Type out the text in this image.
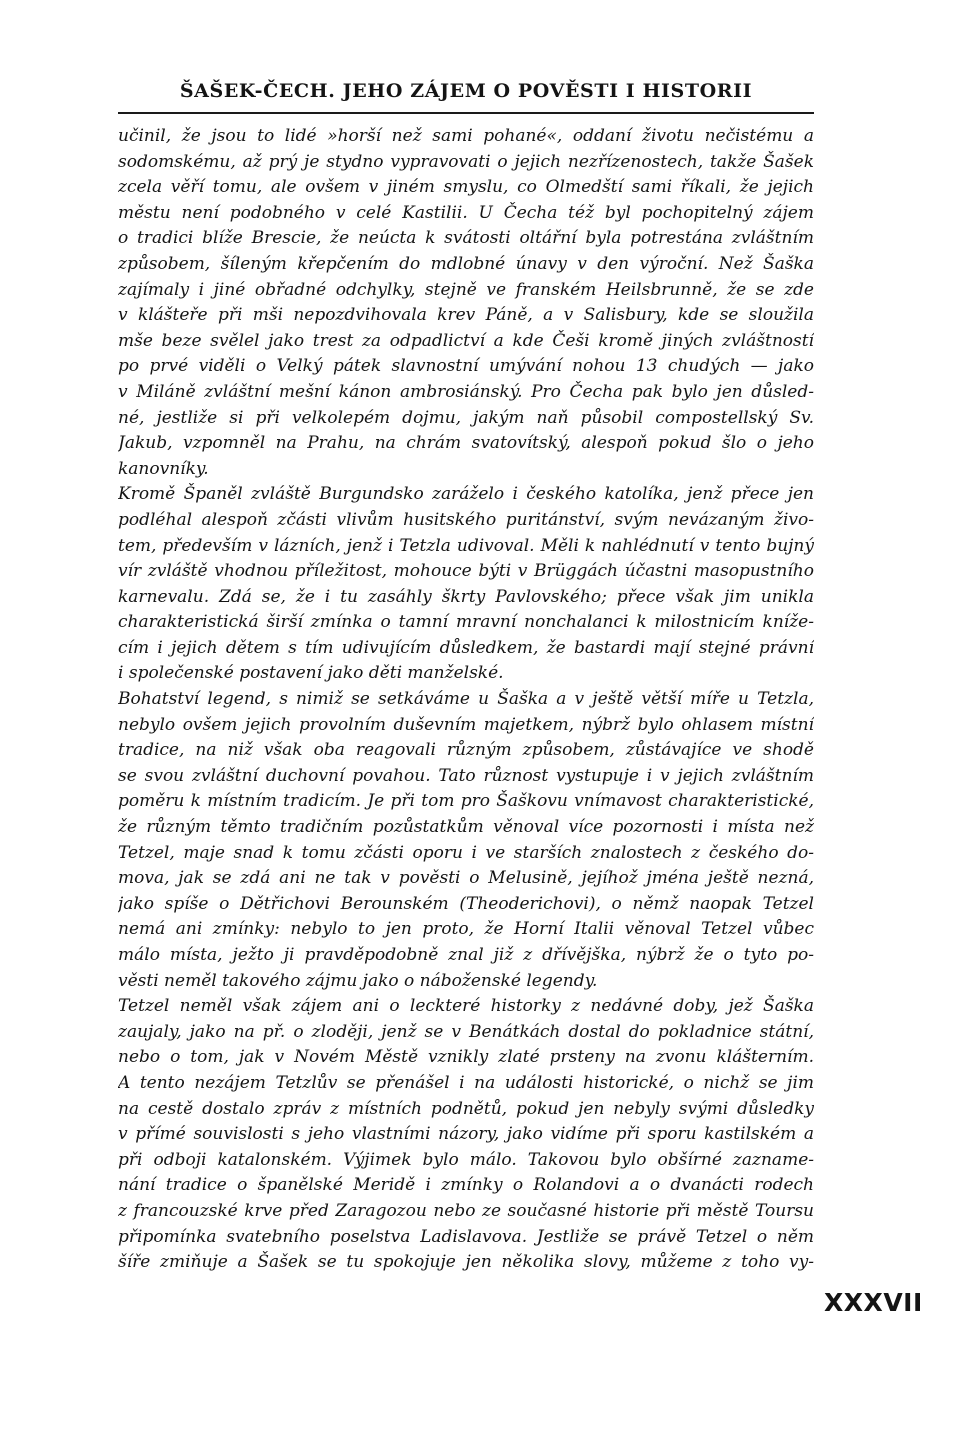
ŠAŠEK-ČECH. JEHO ZÁJEM O POVĚSTI I HISTORII
učinil, že jsou to lidé »horší než sami pohané«, oddaní životu nečistému a
sodomskému, až prý je stydno vypravovati o jejich nezřízenostech, takže Šašek
zcela věří tomu, ale ovšem v jiném smyslu, co Olmedští sami říkali, že jejich
městu není podobného v celé Kastilii. U Čecha též byl pochopitelný zájem
o tradici blíže Brescie, že neúcta k svátosti oltářní byla potrestána zvláštním
způsobem, šíleným křepčením do mdlobné únavy v den výroční. Než Šaška
zajímaly i jiné obřadné odchylky, stejně ve franském Heilsbrunně, že se zde
v klášteře při mši nepozdvihovala krev Páně, a v Salisbury, kde se sloužila
mše beze svělel jako trest za odpadlictví a kde Češi kromě jiných zvláštností
po prvé viděli o Velký pátek slavnostní umývání nohou 13 chudých — jako
v Miláně zvláštní mešní kánon ambrosiánský. Pro Čecha pak bylo jen důsled-
né, jestliže si při velkolepém dojmu, jakým naň působil compostellský Sv.
Jakub, vzpomněl na Prahu, na chrám svatovítský, alespoň pokud šlo o jeho
kanovníky.
Kromě Španěl zvláště Burgundsko zaráželo i českého katolíka, jenž přece jen
podléhal alespoň zčásti vlivům husitského puritánství, svým nevázaným živo-
tem, především v lázních, jenž i Tetzla udivoval. Měli k nahlédnutí v tento bujný
vír zvláště vhodnou příležitost, mohouce býti v Brüggách účastni masopustního
karnevalu. Zdá se, že i tu zasáhly škrty Pavlovského; přece však jim unikla
charakteristická širší zmínka o tamní mravní nonchalanci k milostnicím kníže-
cím i jejich dětem s tím udivujícím důsledkem, že bastardi mají stejné právní
i společenské postavení jako děti manželské.
Bohatství legend, s nimiž se setkáváme u Šaška a v ještě větší míře u Tetzla,
nebylo ovšem jejich provolním duševním majetkem, nýbrž bylo ohlasem místní
tradice, na niž však oba reagovali různým způsobem, zůstávajíce ve shodě
se svou zvláštní duchovní povahou. Tato různost vystupuje i v jejich zvláštním
poměru k místním tradicím. Je při tom pro Šaškovu vnímavost charakteristické,
že různým těmto tradičním pozůstatkům věnoval více pozornosti i místa než
Tetzel, maje snad k tomu zčásti oporu i ve starších znalostech z českého do-
mova, jak se zdá ani ne tak v pověsti o Melusině, jejíhož jména ještě nezná,
jako spíše o Dětřichovi Berounském (Theoderichovi), o němž naopak Tetzel
nemá ani zmínky: nebylo to jen proto, že Horní Italii věnoval Tetzel vůbec
málo místa, ježto ji pravděpodobně znal již z dřívějška, nýbrž že o tyto po-
věsti neměl takového zájmu jako o náboženské legendy.
Tetzel neměl však zájem ani o leckteré historky z nedávné doby, jež Šaška
zaujaly, jako na př. o zloději, jenž se v Benátkách dostal do pokladnice státní,
nebo o tom, jak v Novém Městě vznikly zlaté prsteny na zvonu klášterním.
A tento nezájem Tetzlův se přenášel i na události historické, o nichž se jim
na cestě dostalo zpráv z místních podnětů, pokud jen nebyly svými důsledky
v přímé souvislosti s jeho vlastními názory, jako vidíme při sporu kastilském a
při odboji katalonském. Výjimek bylo málo. Takovou bylo obšírné zazname-
nání tradice o španělské Meridě i zmínky o Rolandovi a o dvanácti rodech
z francouzské krve před Zaragozou nebo ze současné historie při městě Toursu
připomínka svatebního poselstva Ladislavova. Jestliže se právě Tetzel o něm
šíře zmiňuje a Šašek se tu spokojuje jen několika slovy, můžeme z toho vy-
XXXVII
